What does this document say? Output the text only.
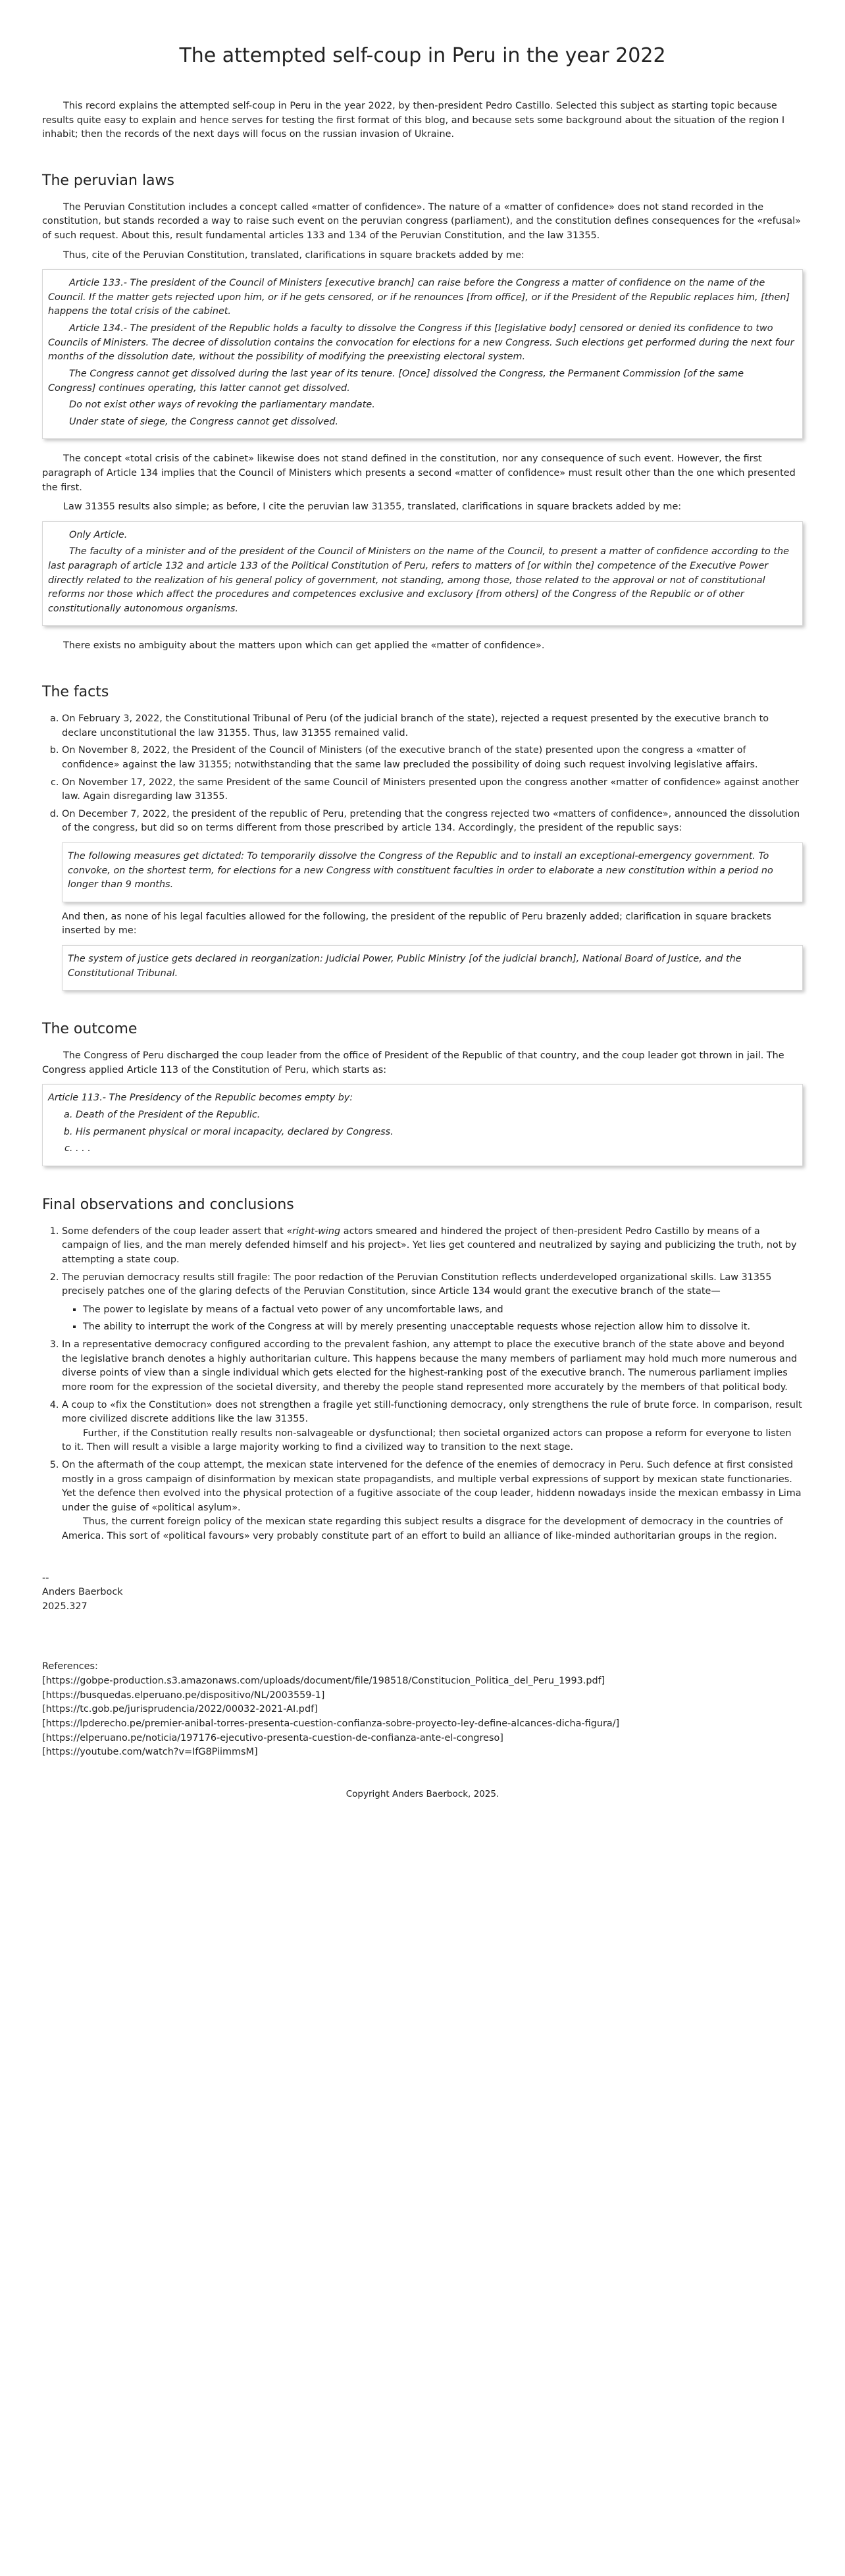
The attempted self-coup in Peru in the year 2022

This record explains the attempted self-coup in Peru in the year 2022, by then-president Pedro Castillo. Selected this subject as starting topic because results quite easy to explain and hence serves for testing the first format of this blog, and because sets some background about the situation of the region I inhabit; then the records of the next days will focus on the russian invasion of Ukraine.

The peruvian laws

The Peruvian Constitution includes a concept called «matter of confidence». The nature of a «matter of confidence» does not stand recorded in the constitution, but stands recorded a way to raise such event on the peruvian congress (parliament), and the constitution defines consequences for the «refusal» of such request. About this, result fundamental articles 133 and 134 of the Peruvian Constitution, and the law 31355.

Thus, cite of the Peruvian Constitution, translated, clarifications in square brackets added by me:

Article 133.- The president of the Council of Ministers [executive branch] can raise before the Congress a matter of confidence on the name of the Council. If the matter gets rejected upon him, or if he gets censored, or if he renounces [from office], or if the President of the Republic replaces him, [then] happens the total crisis of the cabinet.

Article 134.- The president of the Republic holds a faculty to dissolve the Congress if this [legislative body] censored or denied its confidence to two Councils of Ministers. The decree of dissolution contains the convocation for elections for a new Congress. Such elections get performed during the next four months of the dissolution date, without the possibility of modifying the preexisting electoral system.

The Congress cannot get dissolved during the last year of its tenure. [Once] dissolved the Congress, the Permanent Commission [of the same Congress] continues operating, this latter cannot get dissolved.

Do not exist other ways of revoking the parliamentary mandate.

Under state of siege, the Congress cannot get dissolved.

The concept «total crisis of the cabinet» likewise does not stand defined in the constitution, nor any consequence of such event. However, the first paragraph of Article 134 implies that the Council of Ministers which presents a second «matter of confidence» must result other than the one which presented the first.

Law 31355 results also simple; as before, I cite the peruvian law 31355, translated, clarifications in square brackets added by me:

Only Article.

The faculty of a minister and of the president of the Council of Ministers on the name of the Council, to present a matter of confidence according to the last paragraph of article 132 and article 133 of the Political Constitution of Peru, refers to matters of [or within the] competence of the Executive Power directly related to the realization of his general policy of government, not standing, among those, those related to the approval or not of constitutional reforms nor those which affect the procedures and competences exclusive and exclusory [from others] of the Congress of the Republic or of other constitutionally autonomous organisms.

There exists no ambiguity about the matters upon which can get applied the «matter of confidence».

The facts
a. On February 3, 2022, the Constitutional Tribunal of Peru (of the judicial branch of the state), rejected a request presented by the executive branch to declare unconstitutional the law 31355. Thus, law 31355 remained valid.
b. On November 8, 2022, the President of the Council of Ministers (of the executive branch of the state) presented upon the congress a «matter of confidence» against the law 31355; notwithstanding that the same law precluded the possibility of doing such request involving legislative affairs.
c. On November 17, 2022, the same President of the same Council of Ministers presented upon the congress another «matter of confidence» against another law. Again disregarding law 31355.
d. On December 7, 2022, the president of the republic of Peru, pretending that the congress rejected two «matters of confidence», announced the dissolution of the congress, but did so on terms different from those prescribed by article 134. Accordingly, the president of the republic says:

The following measures get dictated: To temporarily dissolve the Congress of the Republic and to install an exceptional-emergency government. To convoke, on the shortest term, for elections for a new Congress with constituent faculties in order to elaborate a new constitution within a period no longer than 9 months.

And then, as none of his legal faculties allowed for the following, the president of the republic of Peru brazenly added; clarification in square brackets inserted by me:

The system of justice gets declared in reorganization: Judicial Power, Public Ministry [of the judicial branch], National Board of Justice, and the Constitutional Tribunal.

The outcome

The Congress of Peru discharged the coup leader from the office of President of the Republic of that country, and the coup leader got thrown in jail. The Congress applied Article 113 of the Constitution of Peru, which starts as:

Article 113.- The Presidency of the Republic becomes empty by:

a. Death of the President of the Republic.
b. His permanent physical or moral incapacity, declared by Congress.
c. . . .
Final observations and conclusions
1. Some defenders of the coup leader assert that «right-wing actors smeared and hindered the project of then-president Pedro Castillo by means of a campaign of lies, and the man merely defended himself and his project». Yet lies get countered and neutralized by saying and publicizing the truth, not by attempting a state coup.
2. The peruvian democracy results still fragile: The poor redaction of the Peruvian Constitution reflects underdeveloped organizational skills. Law 31355 precisely patches one of the glaring defects of the Peruvian Constitution, since Article 134 would grant the executive branch of the state—
▪ The power to legislate by means of a factual veto power of any uncomfortable laws, and
▪ The ability to interrupt the work of the Congress at will by merely presenting unacceptable requests whose rejection allow him to dissolve it.
3. In a representative democracy configured according to the prevalent fashion, any attempt to place the executive branch of the state above and beyond the legislative branch denotes a highly authoritarian culture. This happens because the many members of parliament may hold much more numerous and diverse points of view than a single individual which gets elected for the highest-ranking post of the executive branch. The numerous parliament implies more room for the expression of the societal diversity, and thereby the people stand represented more accurately by the members of that political body.
4. A coup to «fix the Constitution» does not strengthen a fragile yet still-functioning democracy, only strengthens the rule of brute force. In comparison, result more civilized discrete additions like the law 31355.

Further, if the Constitution really results non-salvageable or dysfunctional; then societal organized actors can propose a reform for everyone to listen to it. Then will result a visible a large majority working to find a civilized way to transition to the next stage.

5. On the aftermath of the coup attempt, the mexican state intervened for the defence of the enemies of democracy in Peru. Such defence at first consisted mostly in a gross campaign of disinformation by mexican state propagandists, and multiple verbal expressions of support by mexican state functionaries. Yet the defence then evolved into the physical protection of a fugitive associate of the coup leader, hiddenn nowadays inside the mexican embassy in Lima under the guise of «political asylum».

Thus, the current foreign policy of the mexican state regarding this subject results a disgrace for the development of democracy in the countries of America. This sort of «political favours» very probably constitute part of an effort to build an alliance of like-minded authoritarian groups in the region.

--

Anders Baerbock

2025.327

References:

[https://gobpe-production.s3.amazonaws.com/uploads/document/file/198518/Constitucion_Politica_del_Peru_1993.pdf]

[https://busquedas.elperuano.pe/dispositivo/NL/2003559-1]

[https://tc.gob.pe/jurisprudencia/2022/00032-2021-AI.pdf]

[https://lpderecho.pe/premier-anibal-torres-presenta-cuestion-confianza-sobre-proyecto-ley-define-alcances-dicha-figura/]

[https://elperuano.pe/noticia/197176-ejecutivo-presenta-cuestion-de-confianza-ante-el-congreso]

[https://youtube.com/watch?v=IfG8PiimmsM]

Copyright Anders Baerbock, 2025.
